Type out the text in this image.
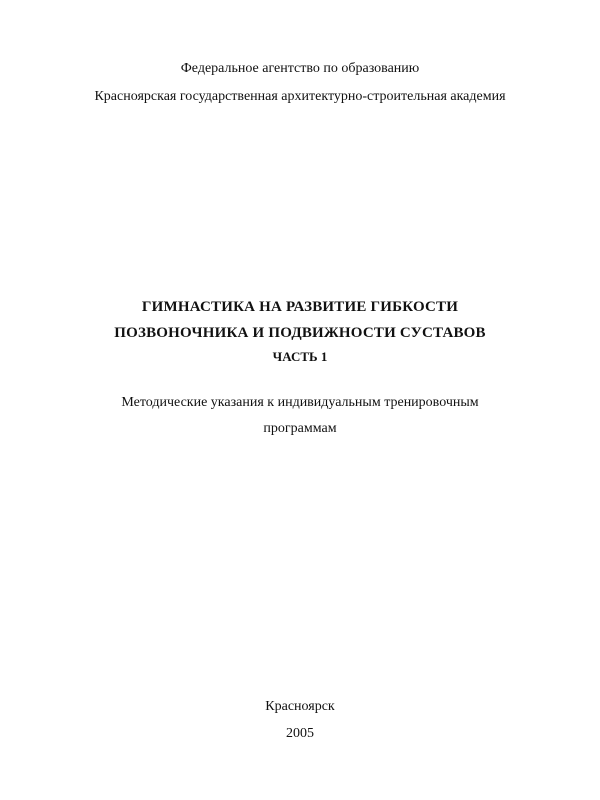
Федеральное агентство по образованию
Красноярская государственная архитектурно-строительная академия
ГИМНАСТИКА НА РАЗВИТИЕ ГИБКОСТИ
ПОЗВОНОЧНИКА И ПОДВИЖНОСТИ СУСТАВОВ
ЧАСТЬ 1
Методические указания к индивидуальным тренировочным
программам
Красноярск
2005
